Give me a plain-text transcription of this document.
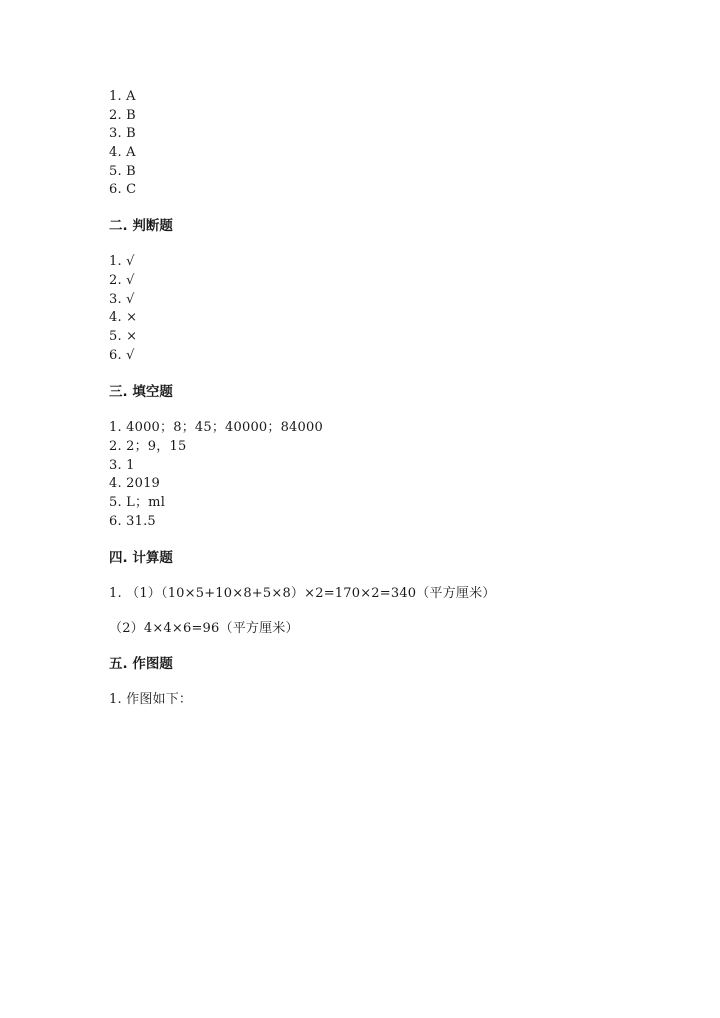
1. A
2. B
3. B
4. A
5. B
6. C
二. 判断题
1. √
2. √
3. √
4. ×
5. ×
6. √
三. 填空题
1. 4000；8；45；40000；84000
2. 2；9，15
3. 1
4. 2019
5. L；ml
6. 31.5
四. 计算题
1. （1）（10×5+10×8+5×8）×2=170×2=340（平方厘米）
（2）4×4×6=96（平方厘米）
五. 作图题
1. 作图如下：
